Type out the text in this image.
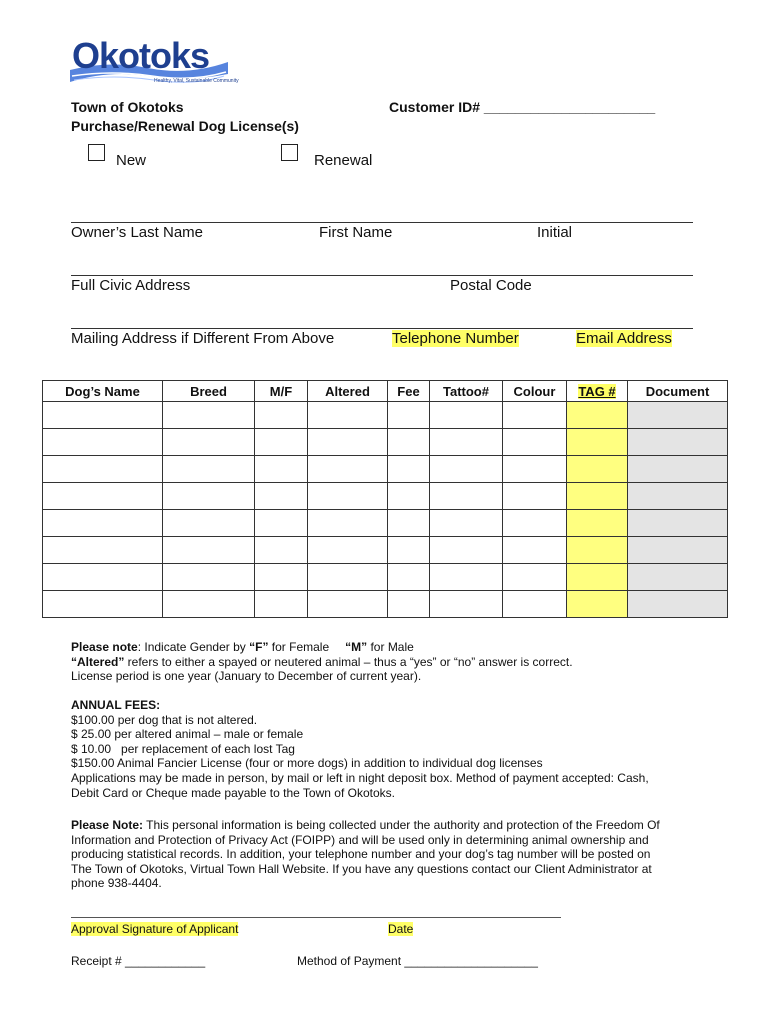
Okotoks
Healthy, Vital, Sustainable Community
Town of Okotoks
Purchase/Renewal Dog License(s)
Customer ID# ______________________
New	Renewal
Owner’s Last Name	First Name	Initial
Full Civic Address	Postal Code
Mailing Address if Different From Above	Telephone Number	Email Address
Dog’s Name	Breed	M/F	Altered	Fee	Tattoo#	Colour	TAG #	Document

Please note: Indicate Gender by “F” for Female “M” for Male

“Altered” refers to either a spayed or neutered animal – thus a “yes” or “no” answer is correct.

License period is one year (January to December of current year).

ANNUAL FEES:

$100.00 per dog that is not altered.

$ 25.00 per altered animal – male or female

$ 10.00   per replacement of each lost Tag

$150.00 Animal Fancier License (four or more dogs) in addition to individual dog licenses

Applications may be made in person, by mail or left in night deposit box. Method of payment accepted: Cash,

Debit Card or Cheque made payable to the Town of Okotoks.

Please Note: This personal information is being collected under the authority and protection of the Freedom Of

Information and Protection of Privacy Act (FOIPP) and will be used only in determining animal ownership and

producing statistical records. In addition, your telephone number and your dog’s tag number will be posted on

The Town of Okotoks, Virtual Town Hall Website. If you have any questions contact our Client Administrator at

phone 938-4404.

Approval Signature of Applicant	Date
Receipt # ____________	Method of Payment ____________________
